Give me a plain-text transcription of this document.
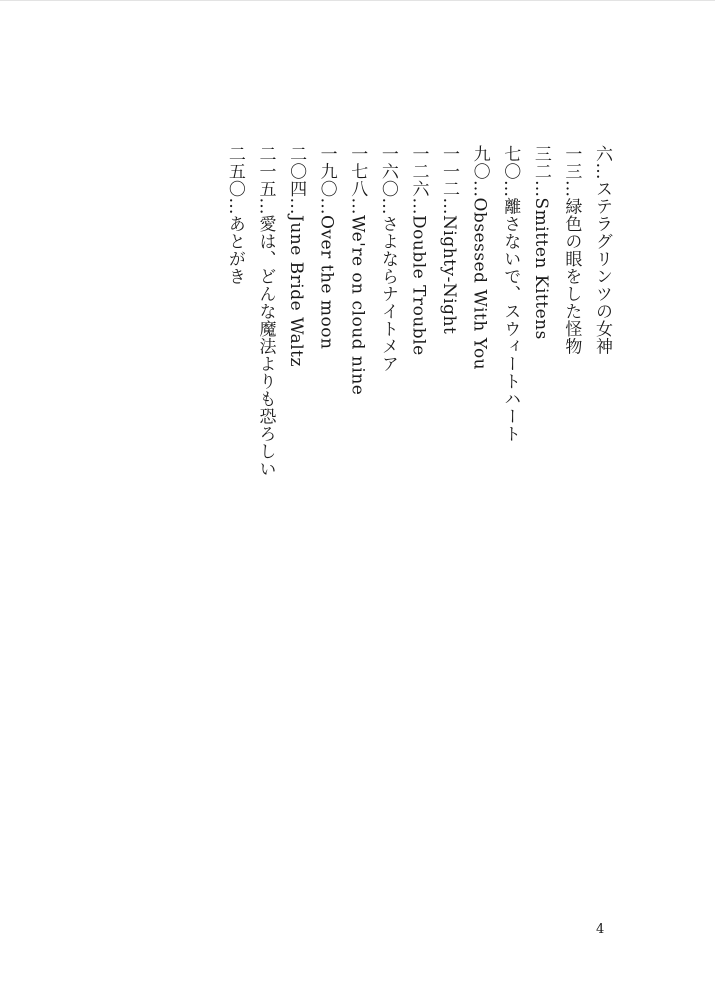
六…ステラグリンツの女神
一三…緑色の眼をした怪物
三二…Smitten Kittens
七〇…離さないで、スウィートハート
九〇…Obsessed With You
一一二…Nighty-Night
一二六…Double Trouble
一六〇…さよならナイトメア
一七八…We're on cloud nine
一九〇…Over the moon
二〇四…June Bride Waltz
二一五…愛は、どんな魔法よりも恐ろしい
二五〇…あとがき
4
